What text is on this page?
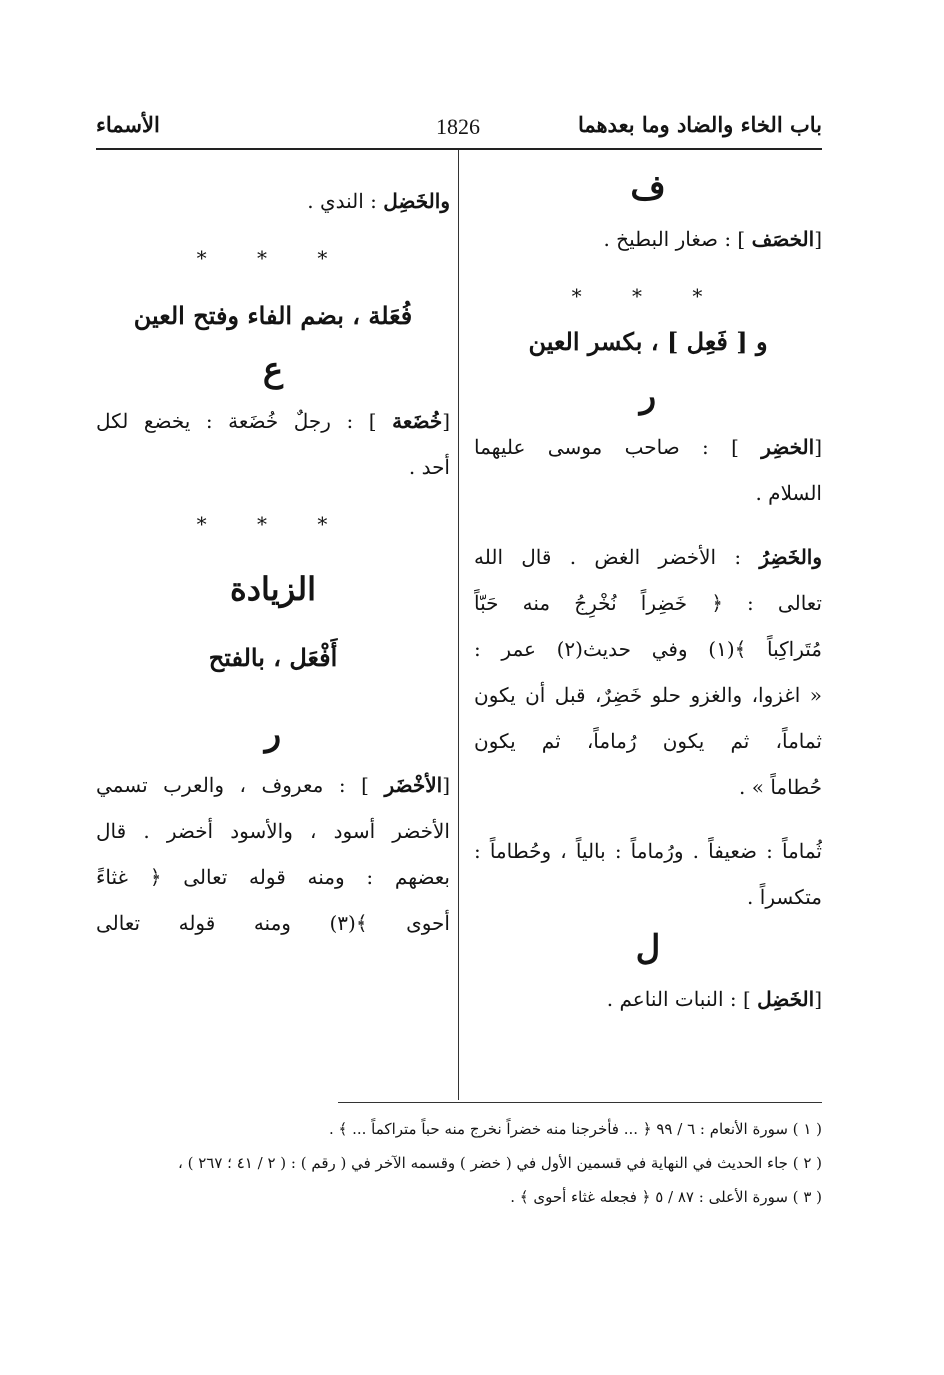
باب الخاء والضاد وما بعدهما
1826
الأسماء
ف
[الخصَف ] : صغار البطيخ .
* * *
و [ فَعِل ] ، بكسر العين
ر
[الخضِر ] : صاحب موسى عليهما
السلام .
والخَضِرُ : الأخضر الغض . قال الله
تعالى : ﴿ خَضِراً نُخْرِجُ منه حَبّاً
مُتَراكِباً ﴾(١) وفي حديث(٢) عمر :
« اغزوا، والغزو حلو خَضِرٌ، قبل أن يكون
ثماماً، ثم يكون رُماماً، ثم يكون
حُطاماً » .
ثُماماً : ضعيفاً . ورُماماً : بالياً ، وحُطاماً :
متكسراً .
ل
[الخَضِل ] : النبات الناعم .
والخَضِل : الندي .
* * *
فُعَلة ، بضم الفاء وفتح العين
ع
[خُضَعة ] : رجلٌ خُضَعة : يخضع لكل
أحد .
* * *
الزيادة
أَفْعَل ، بالفتح
ر
[الأخْضَر ] : معروف ، والعرب تسمي
الأخضر أسود ، والأسود أخضر . قال
بعضهم : ومنه قوله تعالى ﴿ غثاءً
أحوى ﴾(٣) ومنه قوله تعالى
( ١ ) سورة الأنعام : ٦ / ٩٩ ﴿ ... فأخرجنا منه خضراً نخرج منه حباً متراكماً ... ﴾ .
( ٢ ) جاء الحديث في النهاية في قسمين الأول في ( خضر ) وقسمه الآخر في ( رقم ) : ( ٢ / ٤١ ؛ ٢٦٧ ) ،
( ٣ ) سورة الأعلى : ٨٧ / ٥ ﴿ فجعله غثاء أحوى ﴾ .
